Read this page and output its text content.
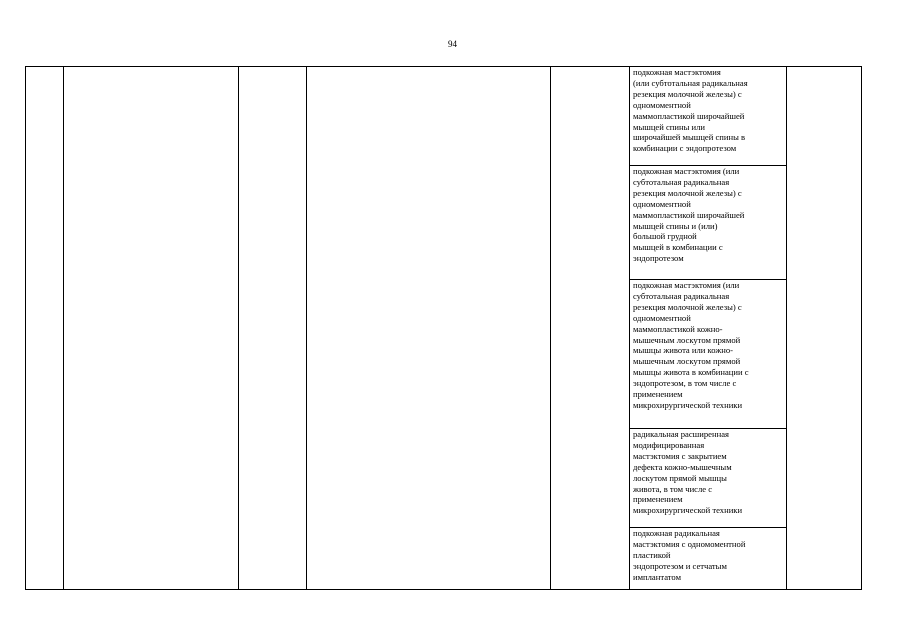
94
подкожная мастэктомия
(или субтотальная радикальная
резекция молочной железы) с
одномоментной
маммопластикой широчайшей
мышцей спины или
широчайшей мышцей спины в
комбинации с эндопротезом
подкожная мастэктомия (или
субтотальная радикальная
резекция молочной железы) с
одномоментной
маммопластикой широчайшей
мышцей спины и (или)
большой грудной
мышцей в комбинации с
эндопротезом
подкожная мастэктомия (или
субтотальная радикальная
резекция молочной железы) с
одномоментной
маммопластикой кожно-
мышечным лоскутом прямой
мышцы живота или кожно-
мышечным лоскутом прямой
мышцы живота в комбинации с
эндопротезом, в том числе с
применением
микрохирургической техники
радикальная расширенная
модифицированная
мастэктомия с закрытием
дефекта кожно-мышечным
лоскутом прямой мышцы
живота, в том числе с
применением
микрохирургической техники
подкожная радикальная
мастэктомия с одномоментной
пластикой
эндопротезом и сетчатым
имплантатом
